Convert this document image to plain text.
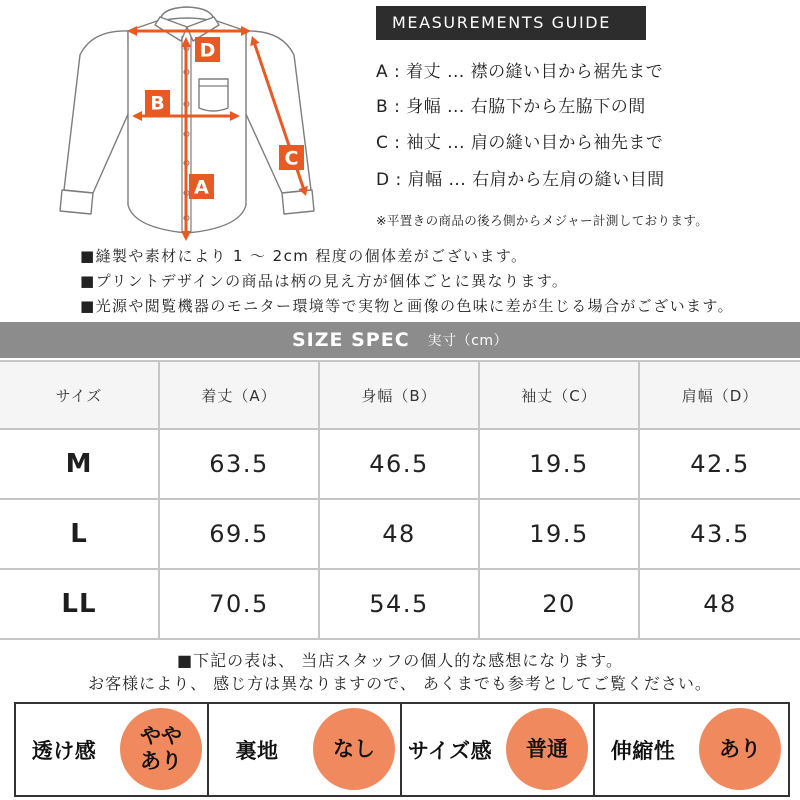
D
B
A
C
MEASUREMENTS GUIDE
A : 着丈 ... 襟の縫い目から裾先まで
B : 身幅 ... 右脇下から左脇下の間
C : 袖丈 ... 肩の縫い目から袖先まで
D : 肩幅 ... 右肩から左肩の縫い目間
※平置きの商品の後ろ側からメジャー計測しております。
■縫製や素材により 1 ～ 2cm 程度の個体差がございます。
■プリントデザインの商品は柄の見え方が個体ごとに異なります。
■光源や閲覧機器のモニター環境等で実物と画像の色味に差が生じる場合がございます。
SIZE SPEC 実寸（cm）
サイズ	着丈（A）	身幅（B）	袖丈（C）	肩幅（D）
M	63.5	46.5	19.5	42.5
L	69.5	48	19.5	43.5
LL	70.5	54.5	20	48
■下記の表は、 当店スタッフの個人的な感想になります。
お客様により、 感じ方は異なりますので、 あくまでも参考としてご覧ください。
透け感
やや
あり	裏地	なし サイズ感 普通	伸縮性	あり
